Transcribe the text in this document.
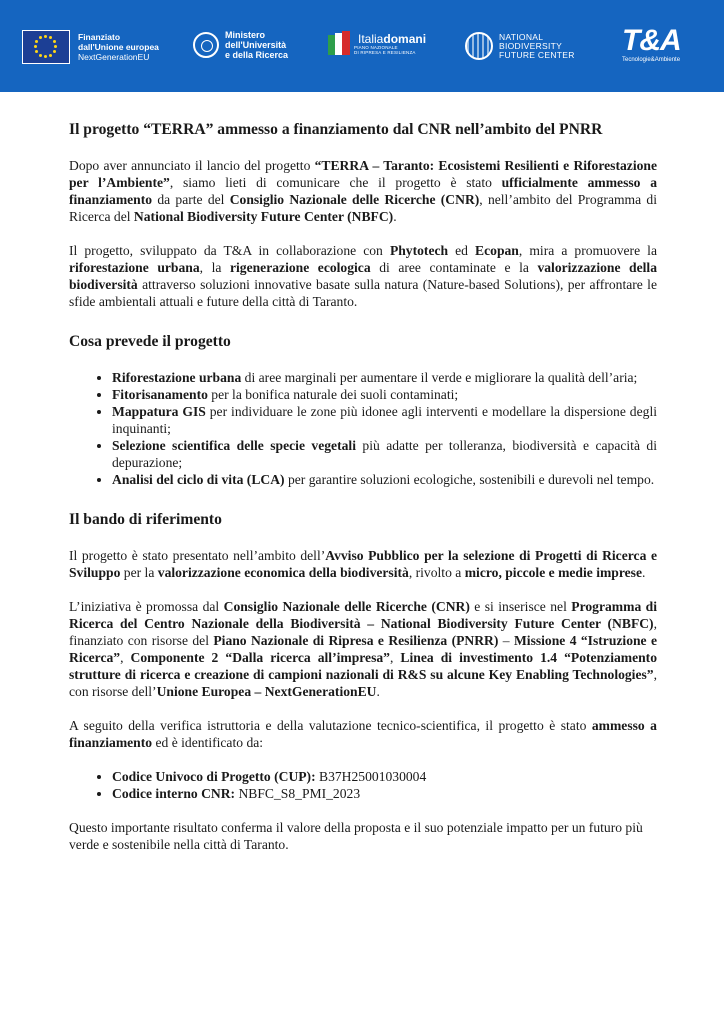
Finanziato
dall'Unione europea
NextGenerationEU
Ministero
dell'Università
e della Ricerca
Italiadomani
PIANO NAZIONALE
DI RIPRESA E RESILIENZA
NATIONAL
BIODIVERSITY
FUTURE CENTER T&A
Tecnologie&Ambiente
Il progetto “TERRA” ammesso a finanziamento dal CNR nell’ambito del PNRR

Dopo aver annunciato il lancio del progetto “TERRA – Taranto: Ecosistemi Resilienti e Riforestazione per l’Ambiente”, siamo lieti di comunicare che il progetto è stato ufficialmente ammesso a finanziamento da parte del Consiglio Nazionale delle Ricerche (CNR), nell’ambito del Programma di Ricerca del National Biodiversity Future Center (NBFC).

Il progetto, sviluppato da T&A in collaborazione con Phytotech ed Ecopan, mira a promuovere la riforestazione urbana, la rigenerazione ecologica di aree contaminate e la valorizzazione della biodiversità attraverso soluzioni innovative basate sulla natura (Nature-based Solutions), per affrontare le sfide ambientali attuali e future della città di Taranto.

Cosa prevede il progetto
• Riforestazione urbana di aree marginali per aumentare il verde e migliorare la qualità dell’aria;
• Fitorisanamento per la bonifica naturale dei suoli contaminati;
• Mappatura GIS per individuare le zone più idonee agli interventi e modellare la dispersione degli inquinanti;
• Selezione scientifica delle specie vegetali più adatte per tolleranza, biodiversità e capacità di depurazione;
• Analisi del ciclo di vita (LCA) per garantire soluzioni ecologiche, sostenibili e durevoli nel tempo.
Il bando di riferimento

Il progetto è stato presentato nell’ambito dell’Avviso Pubblico per la selezione di Progetti di Ricerca e Sviluppo per la valorizzazione economica della biodiversità, rivolto a micro, piccole e medie imprese.

L’iniziativa è promossa dal Consiglio Nazionale delle Ricerche (CNR) e si inserisce nel Programma di Ricerca del Centro Nazionale della Biodiversità – National Biodiversity Future Center (NBFC), finanziato con risorse del Piano Nazionale di Ripresa e Resilienza (PNRR) – Missione 4 “Istruzione e Ricerca”, Componente 2 “Dalla ricerca all’impresa”, Linea di investimento 1.4 “Potenziamento strutture di ricerca e creazione di campioni nazionali di R&S su alcune Key Enabling Technologies”, con risorse dell’Unione Europea – NextGenerationEU.

A seguito della verifica istruttoria e della valutazione tecnico-scientifica, il progetto è stato ammesso a finanziamento ed è identificato da:

• Codice Univoco di Progetto (CUP): B37H25001030004
• Codice interno CNR: NBFC_S8_PMI_2023

Questo importante risultato conferma il valore della proposta e il suo potenziale impatto per un futuro più verde e sostenibile nella città di Taranto.
